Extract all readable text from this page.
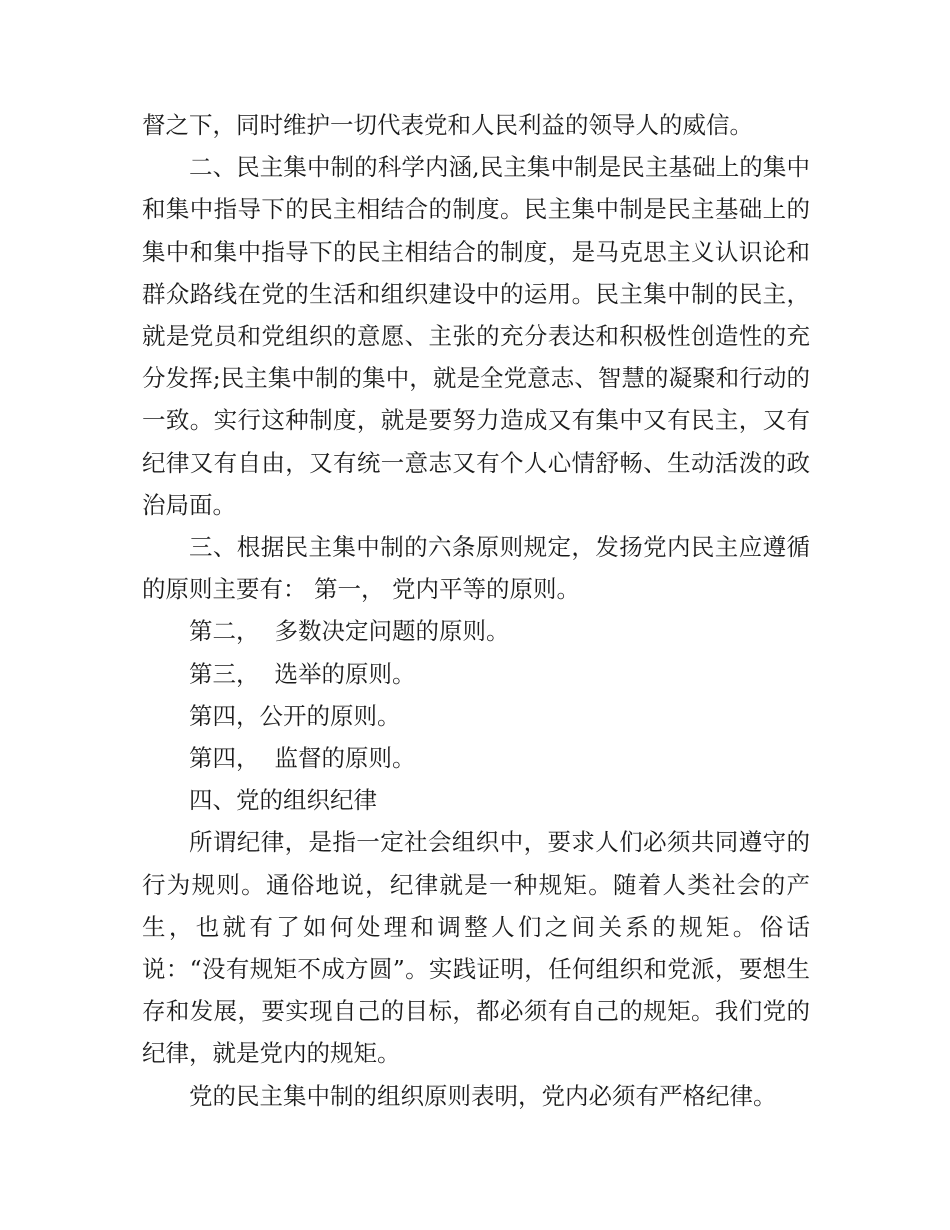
督之下，同时维护一切代表党和人民利益的领导人的威信。

二、民主集中制的科学内涵,民主集中制是民主基础上的集中和集中指导下的民主相结合的制度。民主集中制是民主基础上的集中和集中指导下的民主相结合的制度，是马克思主义认识论和群众路线在党的生活和组织建设中的运用。民主集中制的民主，就是党员和党组织的意愿、主张的充分表达和积极性创造性的充分发挥;民主集中制的集中，就是全党意志、智慧的凝聚和行动的一致。实行这种制度，就是要努力造成又有集中又有民主，又有纪律又有自由，又有统一意志又有个人心情舒畅、生动活泼的政治局面。

三、根据民主集中制的六条原则规定，发扬党内民主应遵循的原则主要有： 第一， 党内平等的原则。

第二，  多数决定问题的原则。

第三，  选举的原则。

第四，公开的原则。

第四，  监督的原则。

四、党的组织纪律

所谓纪律，是指一定社会组织中，要求人们必须共同遵守的行为规则。通俗地说，纪律就是一种规矩。随着人类社会的产生，也就有了如何处理和调整人们之间关系的规矩。俗话说：“没有规矩不成方圆”。实践证明，任何组织和党派，要想生存和发展，要实现自己的目标，都必须有自己的规矩。我们党的纪律，就是党内的规矩。

党的民主集中制的组织原则表明，党内必须有严格纪律。
